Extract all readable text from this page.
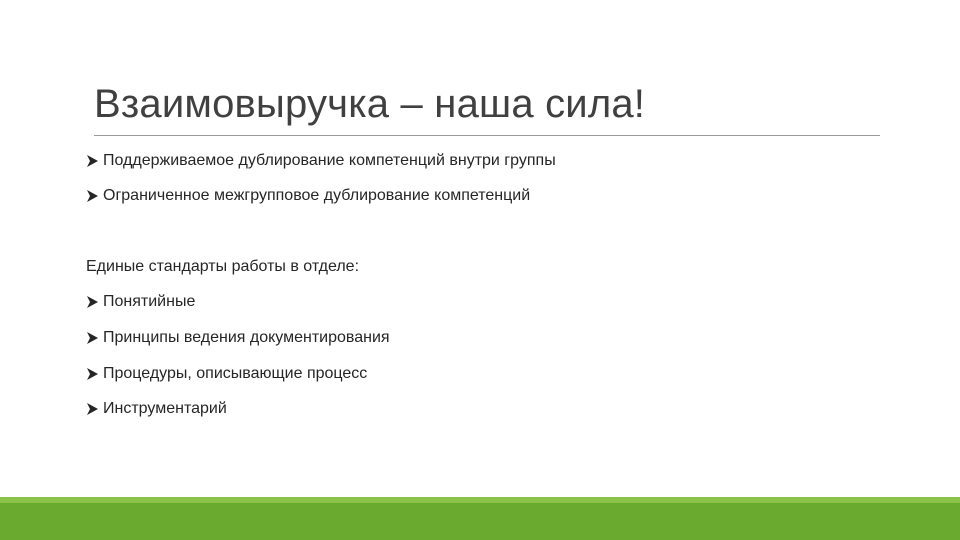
Взаимовыручка – наша сила!
Поддерживаемое дублирование компетенций внутри группы
Ограниченное межгрупповое дублирование компетенций
Единые стандарты работы в отделе:
Понятийные
Принципы ведения документирования
Процедуры, описывающие процесс
Инструментарий
